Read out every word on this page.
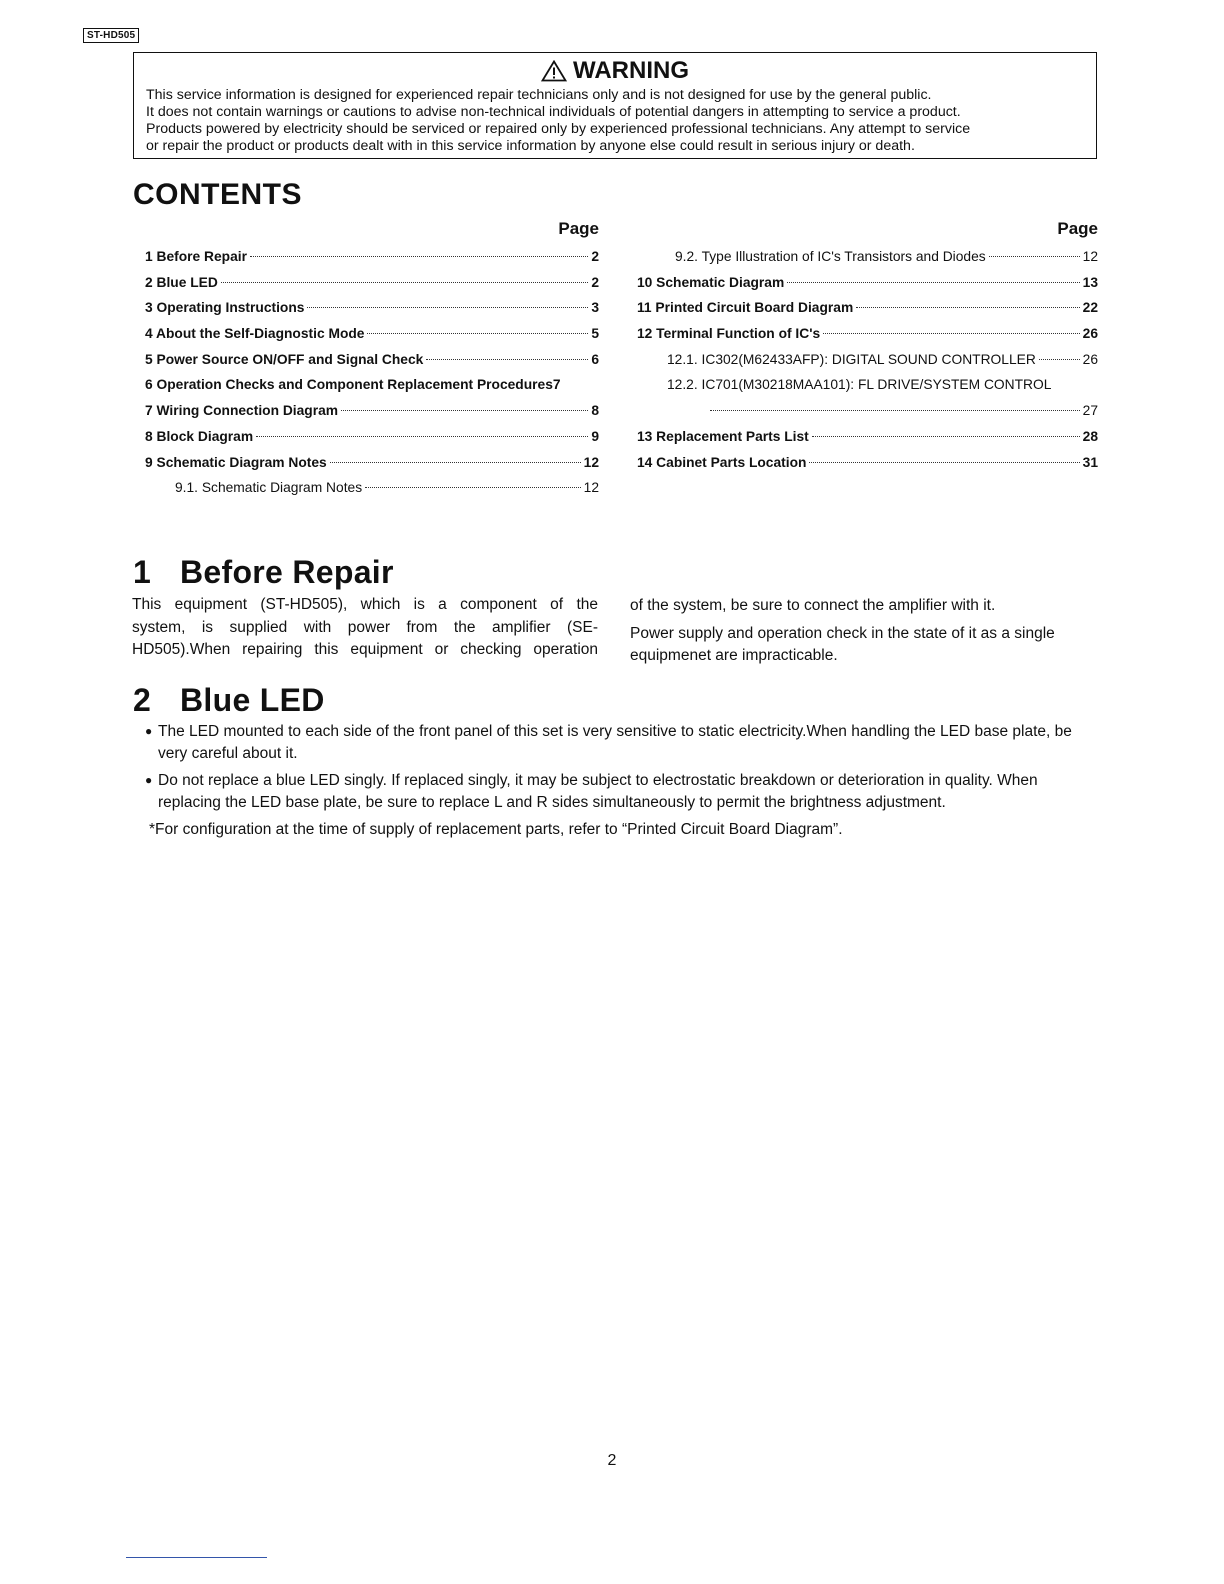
ST-HD505
WARNING
This service information is designed for experienced repair technicians only and is not designed for use by the general public.
It does not contain warnings or cautions to advise non-technical individuals of potential dangers in attempting to service a product.
Products powered by electricity should be serviced or repaired only by experienced professional technicians. Any attempt to service
or repair the product or products dealt with in this service information by anyone else could result in serious injury or death.
CONTENTS
Page
1 Before Repair	2
2 Blue LED	2
3 Operating Instructions	3
4 About the Self-Diagnostic Mode	5
5 Power Source ON/OFF and Signal Check	6
6 Operation Checks and Component Replacement Procedures 7
7 Wiring Connection Diagram	8
8 Block Diagram	9
9 Schematic Diagram Notes	12
9.1. Schematic Diagram Notes	12
Page
9.2. Type Illustration of IC's Transistors and Diodes	12
10 Schematic Diagram	13
11 Printed Circuit Board Diagram	22
12 Terminal Function of IC's	26
12.1. IC302(M62433AFP): DIGITAL SOUND CONTROLLER	26
12.2. IC701(M30218MAA101): FL DRIVE/SYSTEM CONTROL
27
13 Replacement Parts List	28
14 Cabinet Parts Location	31
1 Before Repair
This equipment (ST-HD505), which is a component of the
system, is supplied with power from the amplifier (SE-
HD505).When repairing this equipment or checking operation
of the system, be sure to connect the amplifier with it.
Power supply and operation check in the state of it as a single equipmenet are impracticable.
2 Blue LED
● The LED mounted to each side of the front panel of this set is very sensitive to static electricity.When handling the LED base plate, be very careful about it.
● Do not replace a blue LED singly. If replaced singly, it may be subject to electrostatic breakdown or deterioration in quality. When replacing the LED base plate, be sure to replace L and R sides simultaneously to permit the brightness adjustment.
*For configuration at the time of supply of replacement parts, refer to “Printed Circuit Board Diagram”.
2
